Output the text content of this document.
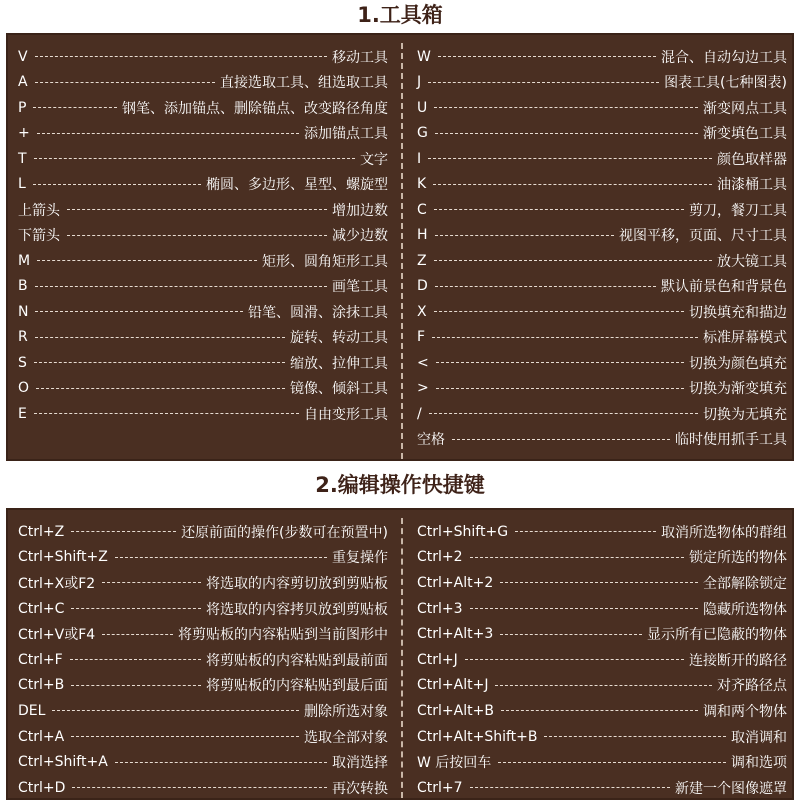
1.工具箱
V	移动工具
A	直接选取工具、组选取工具
P	钢笔、添加锚点、删除锚点、改变路径角度
+	添加锚点工具
T	文字
L	椭圆、多边形、星型、螺旋型
上箭头	增加边数
下箭头	减少边数
M	矩形、圆角矩形工具
B	画笔工具
N	铅笔、圆滑、涂抹工具
R	旋转、转动工具
S	缩放、拉伸工具
O	镜像、倾斜工具
E	自由变形工具
W	混合、自动勾边工具
J	图表工具(七种图表)
U	渐变网点工具
G	渐变填色工具
I	颜色取样器
K	油漆桶工具
C	剪刀，餐刀工具
H	视图平移，页面、尺寸工具
Z	放大镜工具
D	默认前景色和背景色
X	切换填充和描边
F	标准屏幕模式
<	切换为颜色填充
>	切换为渐变填充
/	切换为无填充
空格	临时使用抓手工具
2.编辑操作快捷键
Ctrl+Z	还原前面的操作(步数可在预置中)
Ctrl+Shift+Z	重复操作
Ctrl+X或F2	将选取的内容剪切放到剪贴板
Ctrl+C	将选取的内容拷贝放到剪贴板
Ctrl+V或F4	将剪贴板的内容粘贴到当前图形中
Ctrl+F	将剪贴板的内容粘贴到最前面
Ctrl+B	将剪贴板的内容粘贴到最后面
DEL	删除所选对象
Ctrl+A	选取全部对象
Ctrl+Shift+A	取消选择
Ctrl+D	再次转换
Ctrl+Shift+G	取消所选物体的群组
Ctrl+2	锁定所选的物体
Ctrl+Alt+2	全部解除锁定
Ctrl+3	隐藏所选物体
Ctrl+Alt+3	显示所有已隐蔽的物体
Ctrl+J	连接断开的路径
Ctrl+Alt+J	对齐路径点
Ctrl+Alt+B	调和两个物体
Ctrl+Alt+Shift+B	取消调和
W 后按回车	调和选项
Ctrl+7	新建一个图像遮罩
